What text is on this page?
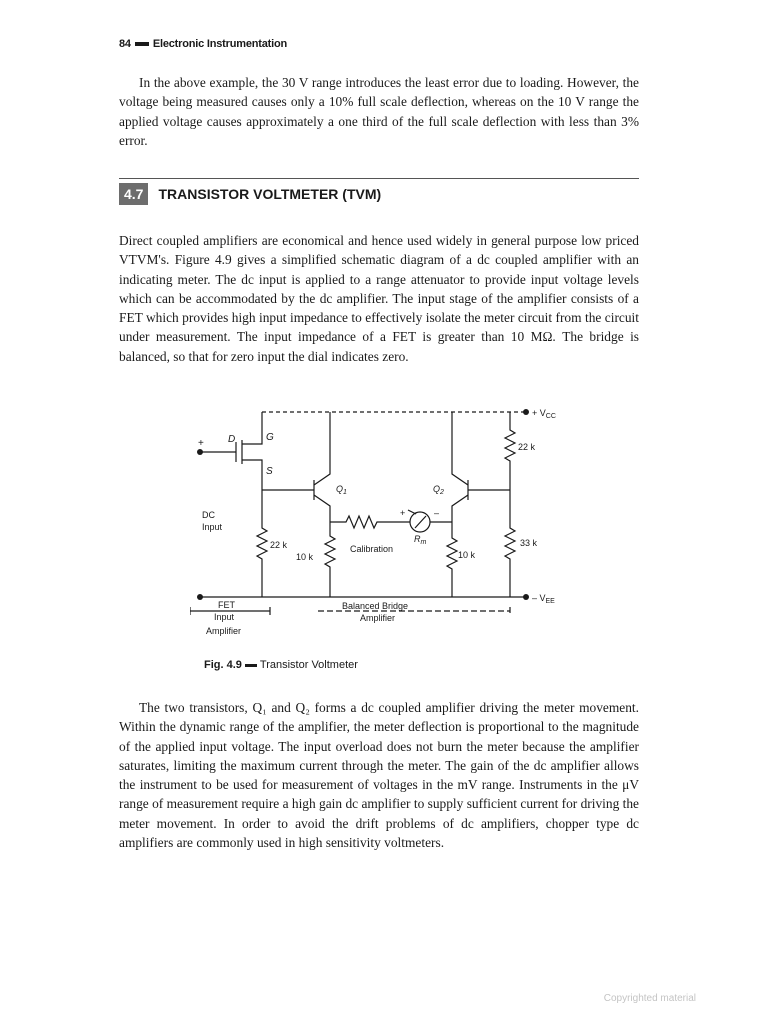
84 Electronic Instrumentation

In the above example, the 30 V range introduces the least error due to loading. However, the voltage being measured causes only a 10% full scale deflection, whereas on the 10 V range the applied voltage causes approximately a one third of the full scale deflection with less than 3% error.

4.7	TRANSISTOR VOLTMETER (TVM)

Direct coupled amplifiers are economical and hence used widely in general purpose low priced VTVM's. Figure 4.9 gives a simplified schematic diagram of a dc coupled amplifier with an indicating meter. The dc input is applied to a range attenuator to provide input voltage levels which can be accommodated by the dc amplifier. The input stage of the amplifier consists of a FET which provides high input impedance to effectively isolate the meter circuit from the circuit under measurement. The input impedance of a FET is greater than 10 MΩ. The bridge is balanced, so that for zero input the dial indicates zero.

+ $V_{CC}$
– $V_{EE}$
D	G
S
+
$Q_1$	$Q_2$
DC
Input
22 k
10 k
Calibration
$R_m$
+	–
10 k
22 k
33 k
FET
Input
Amplifier
Balanced Bridge
Amplifier
Fig. 4.9 Transistor Voltmeter

The two transistors, Q₁ and Q₂ forms a dc coupled amplifier driving the meter movement. Within the dynamic range of the amplifier, the meter deflection is proportional to the magnitude of the applied input voltage. The input overload does not burn the meter because the amplifier saturates, limiting the maximum current through the meter. The gain of the dc amplifier allows the instrument to be used for measurement of voltages in the mV range. Instruments in the μV range of measurement require a high gain dc amplifier to supply sufficient current for driving the meter movement. In order to avoid the drift problems of dc amplifiers, chopper type dc amplifiers are commonly used in high sensitivity voltmeters.

Copyrighted material
